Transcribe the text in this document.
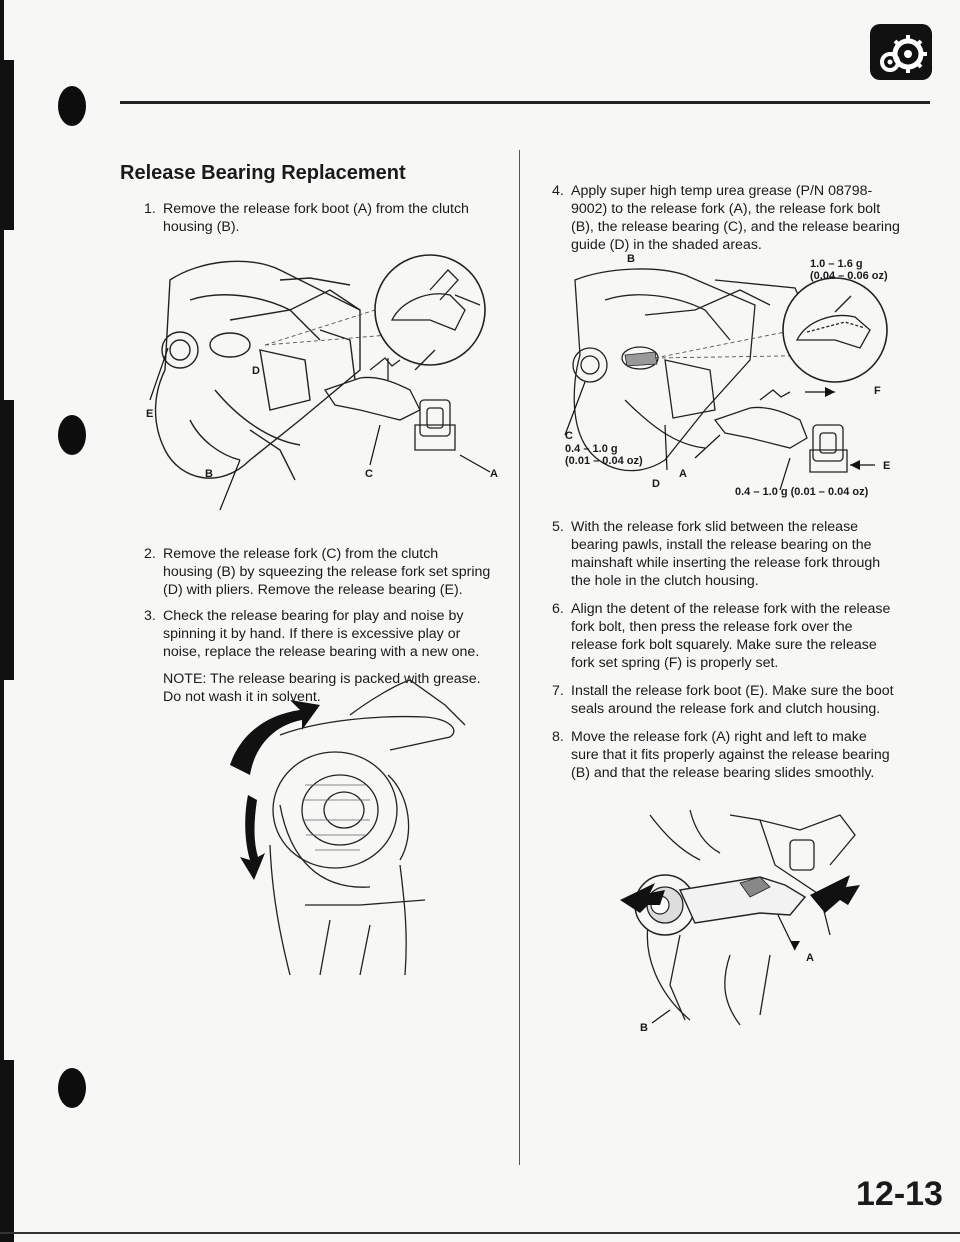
Release Bearing Replacement
1. Remove the release fork boot (A) from the clutch
housing (B).
D
E
B	C	A
2. Remove the release fork (C) from the clutch
housing (B) by squeezing the release fork set spring
(D) with pliers. Remove the release bearing (E).
3. Check the release bearing for play and noise by
spinning it by hand. If there is excessive play or
noise, replace the release bearing with a new one.
NOTE: The release bearing is packed with grease.
Do not wash it in solvent.
4. Apply super high temp urea grease (P/N 08798-
9002) to the release fork (A), the release fork bolt
(B), the release bearing (C), and the release bearing
guide (D) in the shaded areas.
B
F
C
E
A
D
1.0 – 1.6 g
(0.04 – 0.06 oz)
0.4 – 1.0 g
(0.01 – 0.04 oz)
0.4 – 1.0 g (0.01 – 0.04 oz)
5. With the release fork slid between the release
bearing pawls, install the release bearing on the
mainshaft while inserting the release fork through
the hole in the clutch housing.
6. Align the detent of the release fork with the release
fork bolt, then press the release fork over the
release fork bolt squarely. Make sure the release
fork set spring (F) is properly set.
7. Install the release fork boot (E). Make sure the boot
seals around the release fork and clutch housing.
8. Move the release fork (A) right and left to make
sure that it fits properly against the release bearing
(B) and that the release bearing slides smoothly.
A
B
12-13
